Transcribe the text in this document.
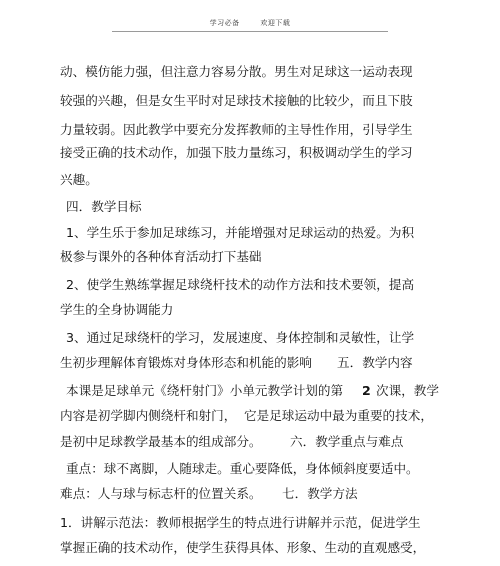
学习必备	欢迎下载
动、模仿能力强，但注意力容易分散。男生对足球这一运动表现
较强的兴趣，但是女生平时对足球技术接触的比较少，而且下肢
力量较弱。因此教学中要充分发挥教师的主导性作用，引导学生
接受正确的技术动作，加强下肢力量练习，积极调动学生的学习
兴趣。
四．教学目标
1、学生乐于参加足球练习，并能增强对足球运动的热爱。为积
极参与课外的各种体育活动打下基础
2、使学生熟练掌握足球绕杆技术的动作方法和技术要领，提高
学生的全身协调能力
3、通过足球绕杆的学习，发展速度、身体控制和灵敏性，让学
生初步理解体育锻炼对身体形态和机能的影响 五．教学内容
本课是足球单元《绕杆射门》小单元教学计划的第 2 次课，教学
内容是初学脚内侧绕杆和射门， 它是足球运动中最为重要的技术，
是初中足球教学最基本的组成部分。 六．教学重点与难点
重点：球不离脚，人随球走。重心要降低，身体倾斜度要适中。
难点：人与球与标志杆的位置关系。 七．教学方法
1．讲解示范法：教师根据学生的特点进行讲解并示范，促进学生
掌握正确的技术动作，使学生获得具体、形象、生动的直观感受，
